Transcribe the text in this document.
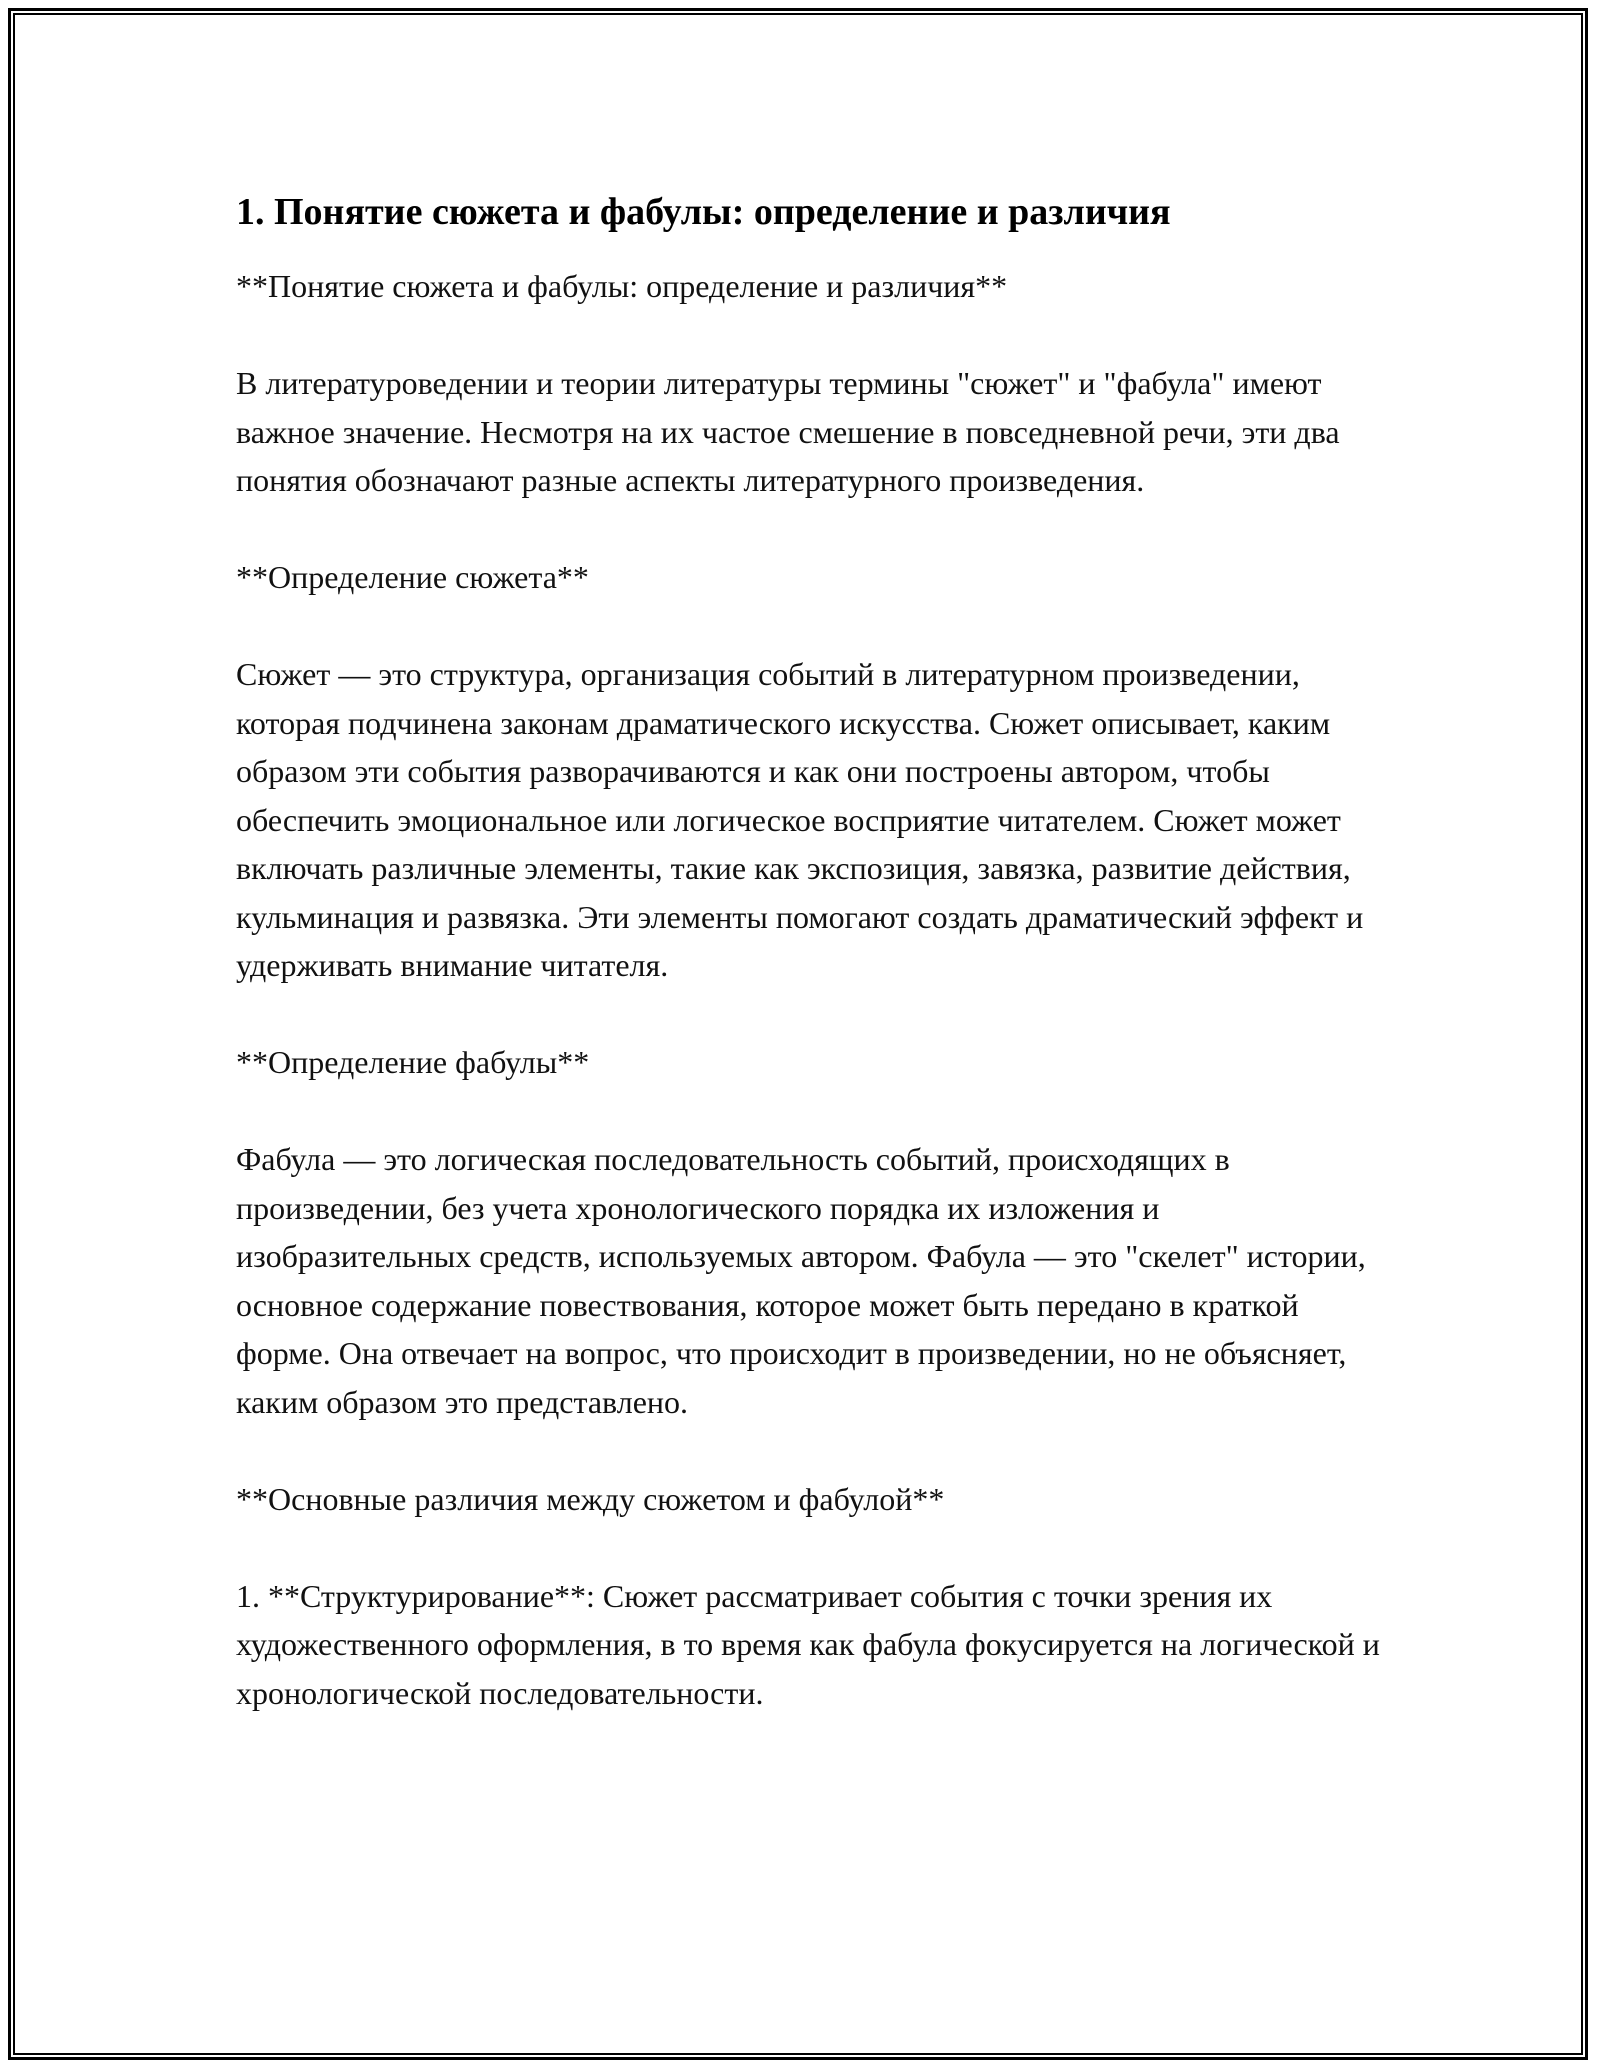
1. Понятие сюжета и фабулы: определение и различия

**Понятие сюжета и фабулы: определение и различия**

В литературоведении и теории литературы термины "сюжет" и "фабула" имеют важное значение. Несмотря на их частое смешение в повседневной речи, эти два понятия обозначают разные аспекты литературного произведения.

**Определение сюжета**

Сюжет — это структура, организация событий в литературном произведении, которая подчинена законам драматического искусства. Сюжет описывает, каким образом эти события разворачиваются и как они построены автором, чтобы обеспечить эмоциональное или логическое восприятие читателем. Сюжет может включать различные элементы, такие как экспозиция, завязка, развитие действия, кульминация и развязка. Эти элементы помогают создать драматический эффект и удерживать внимание читателя.

**Определение фабулы**

Фабула — это логическая последовательность событий, происходящих в произведении, без учета хронологического порядка их изложения и изобразительных средств, используемых автором. Фабула — это "скелет" истории, основное содержание повествования, которое может быть передано в краткой форме. Она отвечает на вопрос, что происходит в произведении, но не объясняет, каким образом это представлено.

**Основные различия между сюжетом и фабулой**

1. **Структурирование**: Сюжет рассматривает события с точки зрения их художественного оформления, в то время как фабула фокусируется на логической и хронологической последовательности.
